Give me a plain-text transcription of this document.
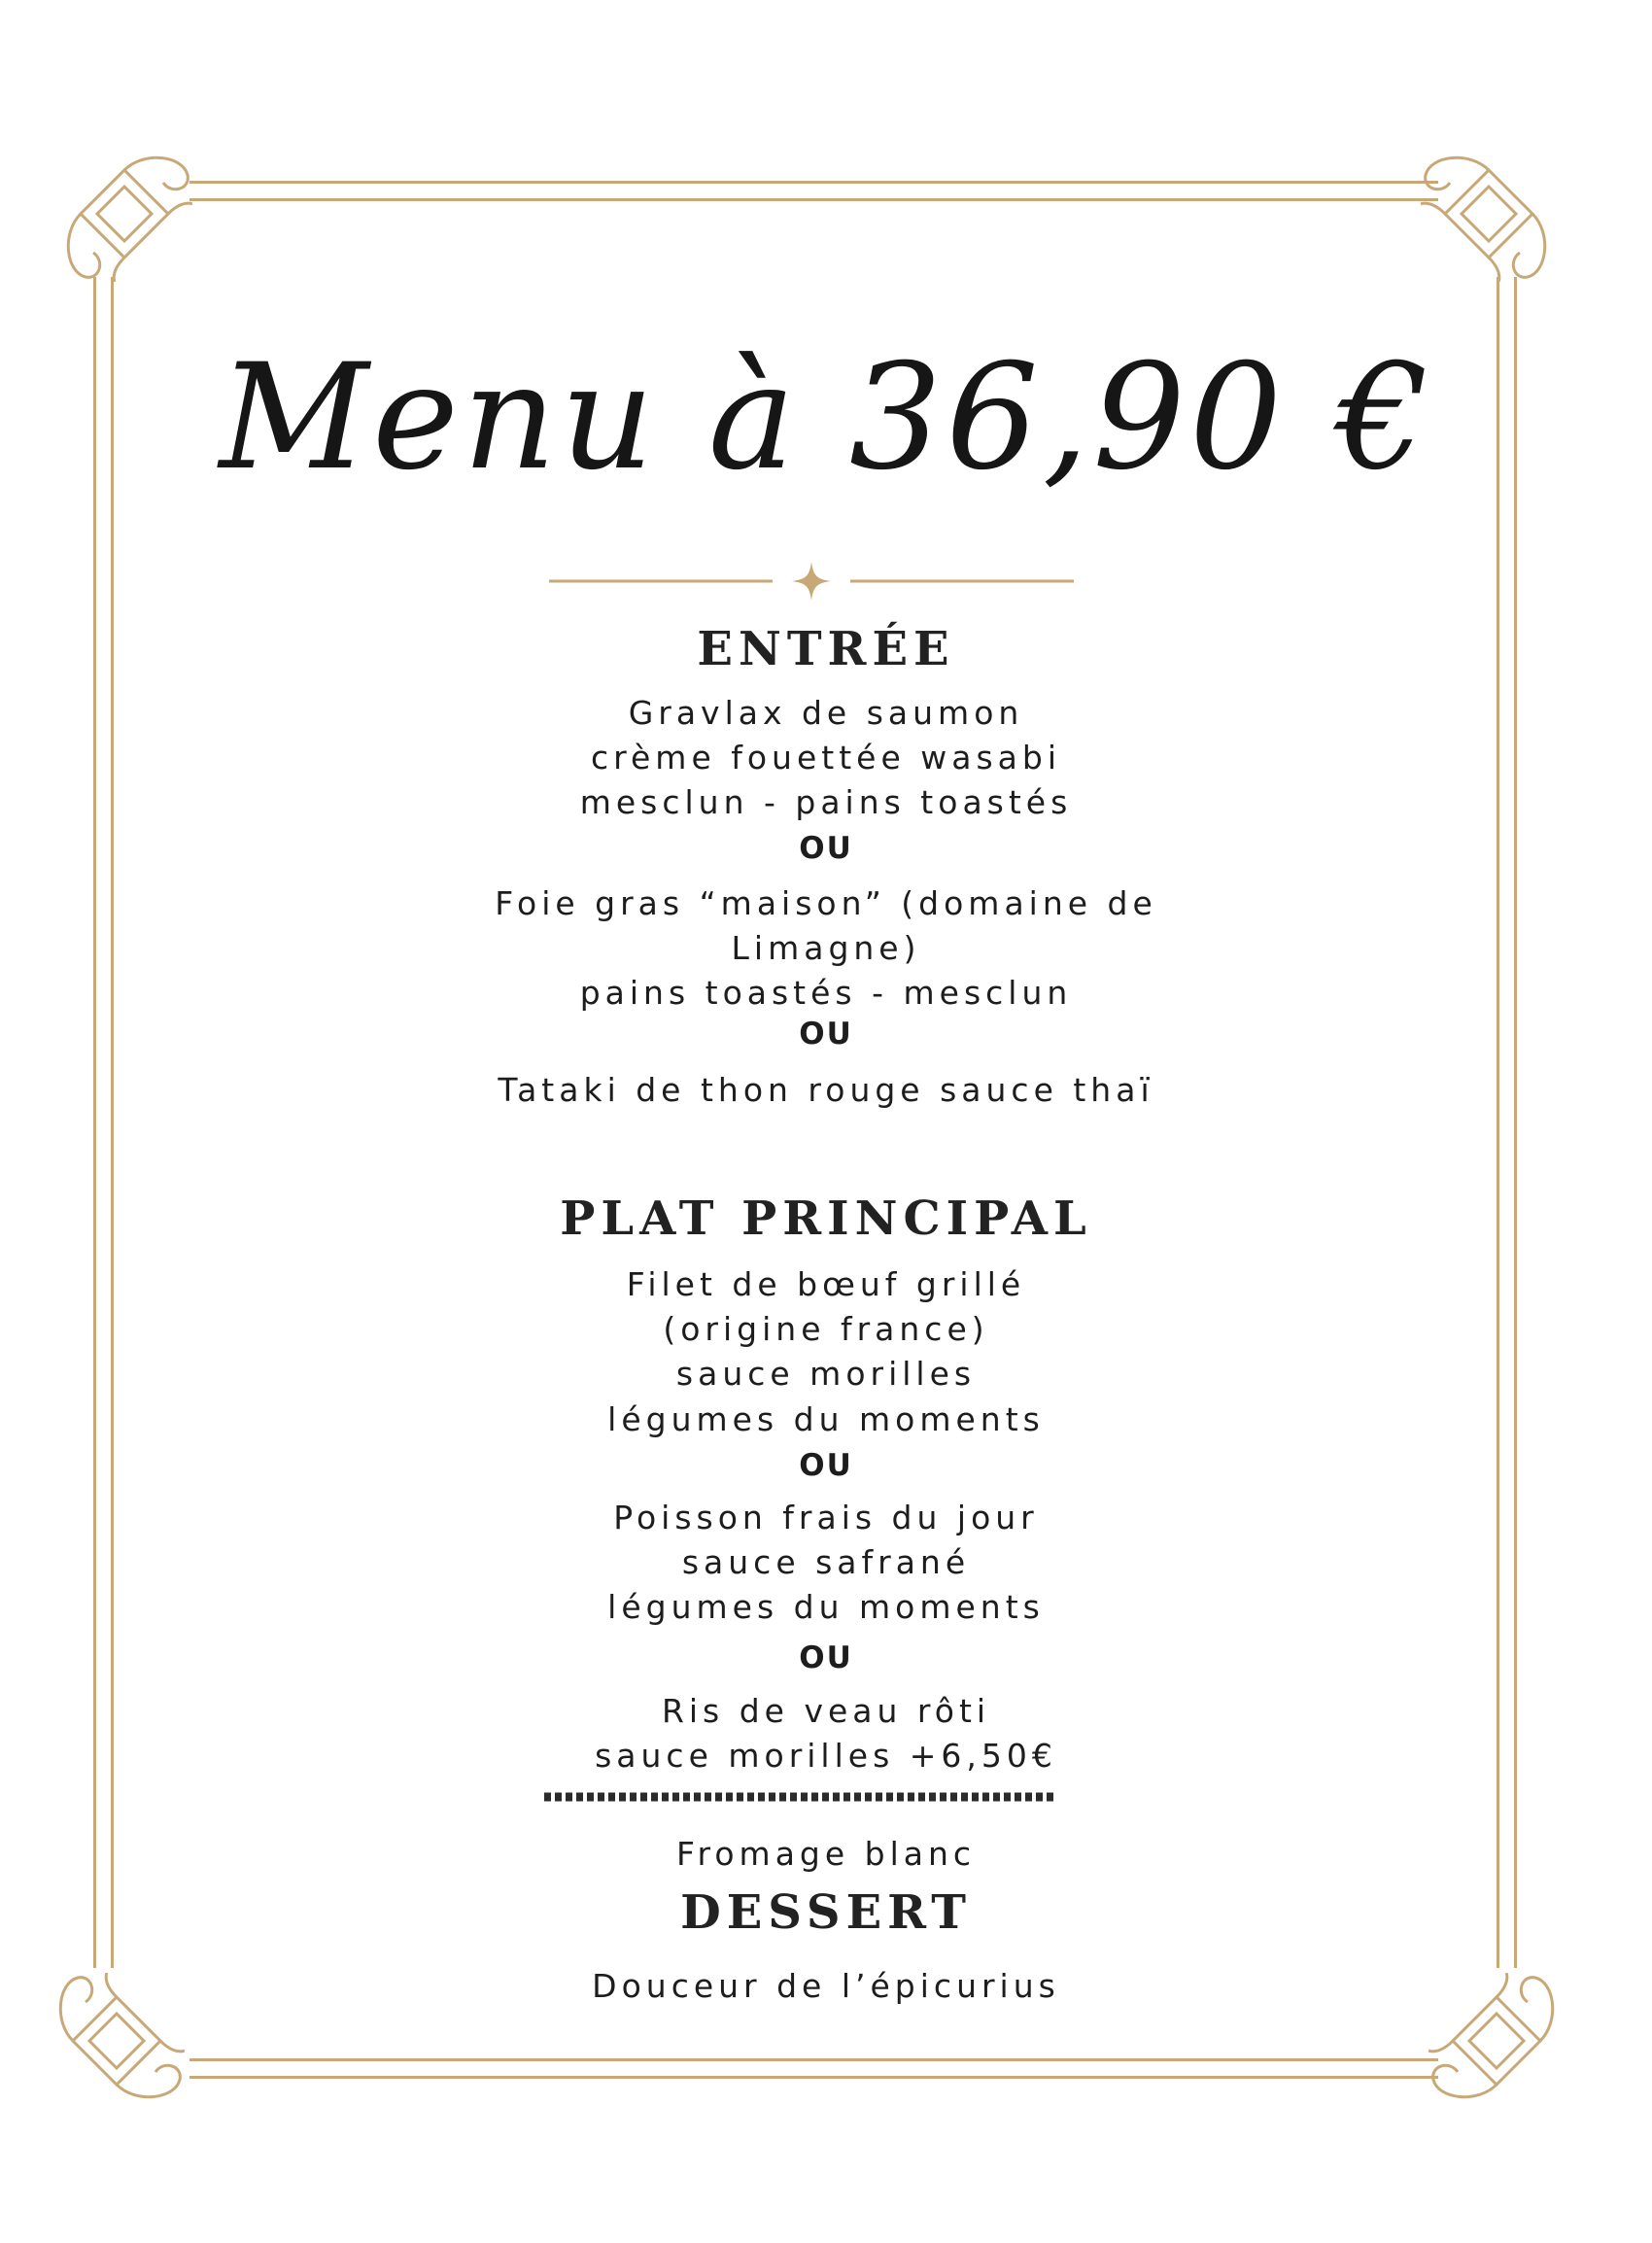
Menu à 36,90 €
ENTRÉE
Gravlax de saumon
crème fouettée wasabi
mesclun - pains toastés
OU
Foie gras “maison” (domaine de
Limagne)
pains toastés - mesclun
OU
Tataki de thon rouge sauce thaï
PLAT PRINCIPAL
Filet de bœuf grillé
(origine france)
sauce morilles
légumes du moments
OU
Poisson frais du jour
sauce safrané
légumes du moments
OU
Ris de veau rôti
sauce morilles +6,50€
Fromage blanc
DESSERT
Douceur de l’épicurius
